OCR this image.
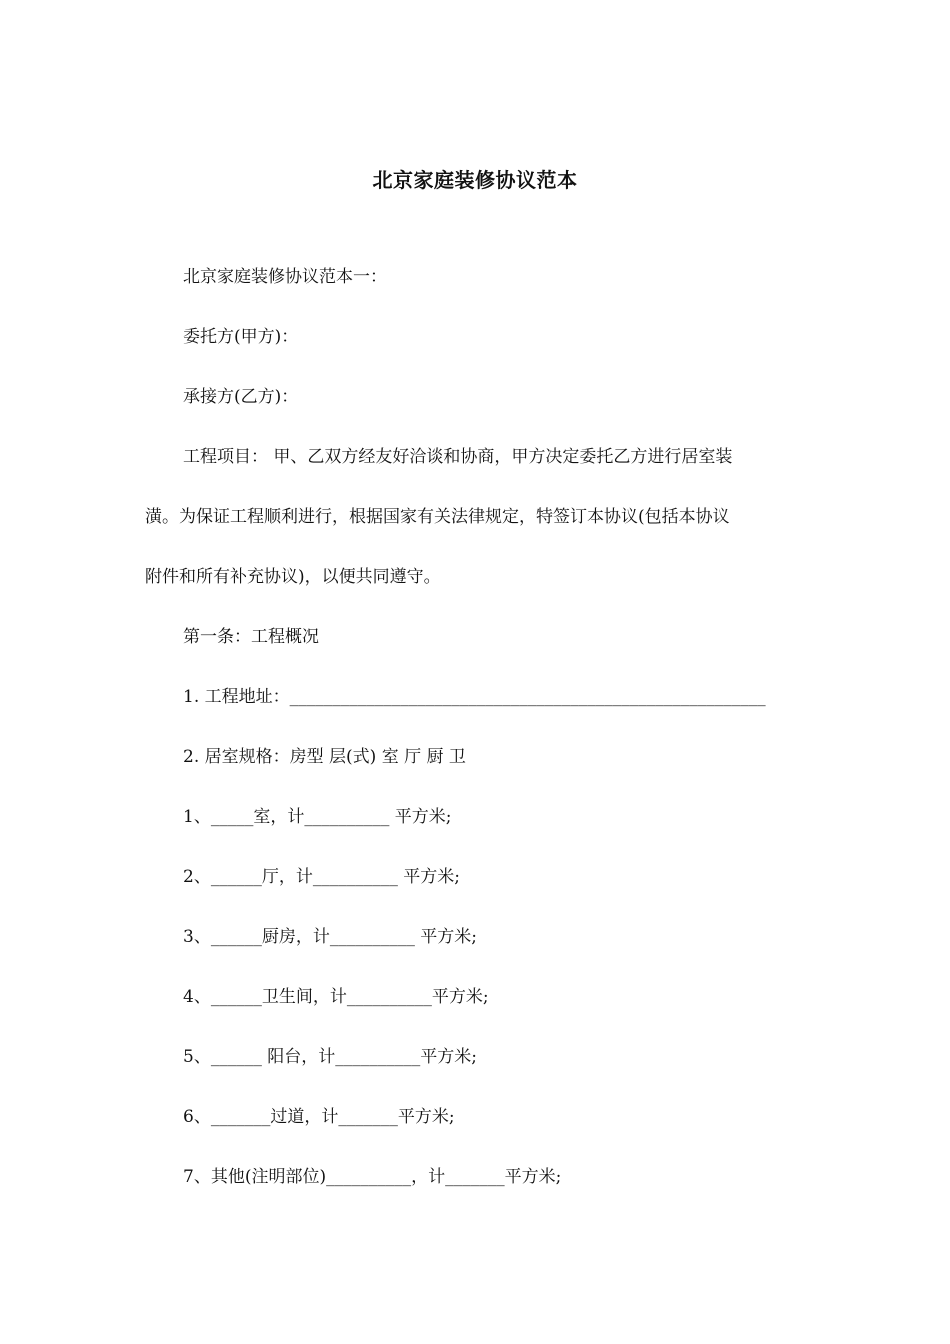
北京家庭装修协议范本
北京家庭装修协议范本一：
委托方(甲方)：
承接方(乙方)：
工程项目： 甲、乙双方经友好洽谈和协商，甲方决定委托乙方进行居室装
潢。为保证工程顺利进行，根据国家有关法律规定，特签订本协议(包括本协议
附件和所有补充协议)，以便共同遵守。
第一条：工程概况
1. 工程地址：________________________________________________________
2. 居室规格：房型 层(式) 室 厅 厨 卫
1、_____室，计__________ 平方米;
2、______厅，计__________ 平方米;
3、______厨房，计__________ 平方米;
4、______卫生间，计__________平方米;
5、______ 阳台，计__________平方米;
6、_______过道，计_______平方米;
7、其他(注明部位)__________，计_______平方米;
